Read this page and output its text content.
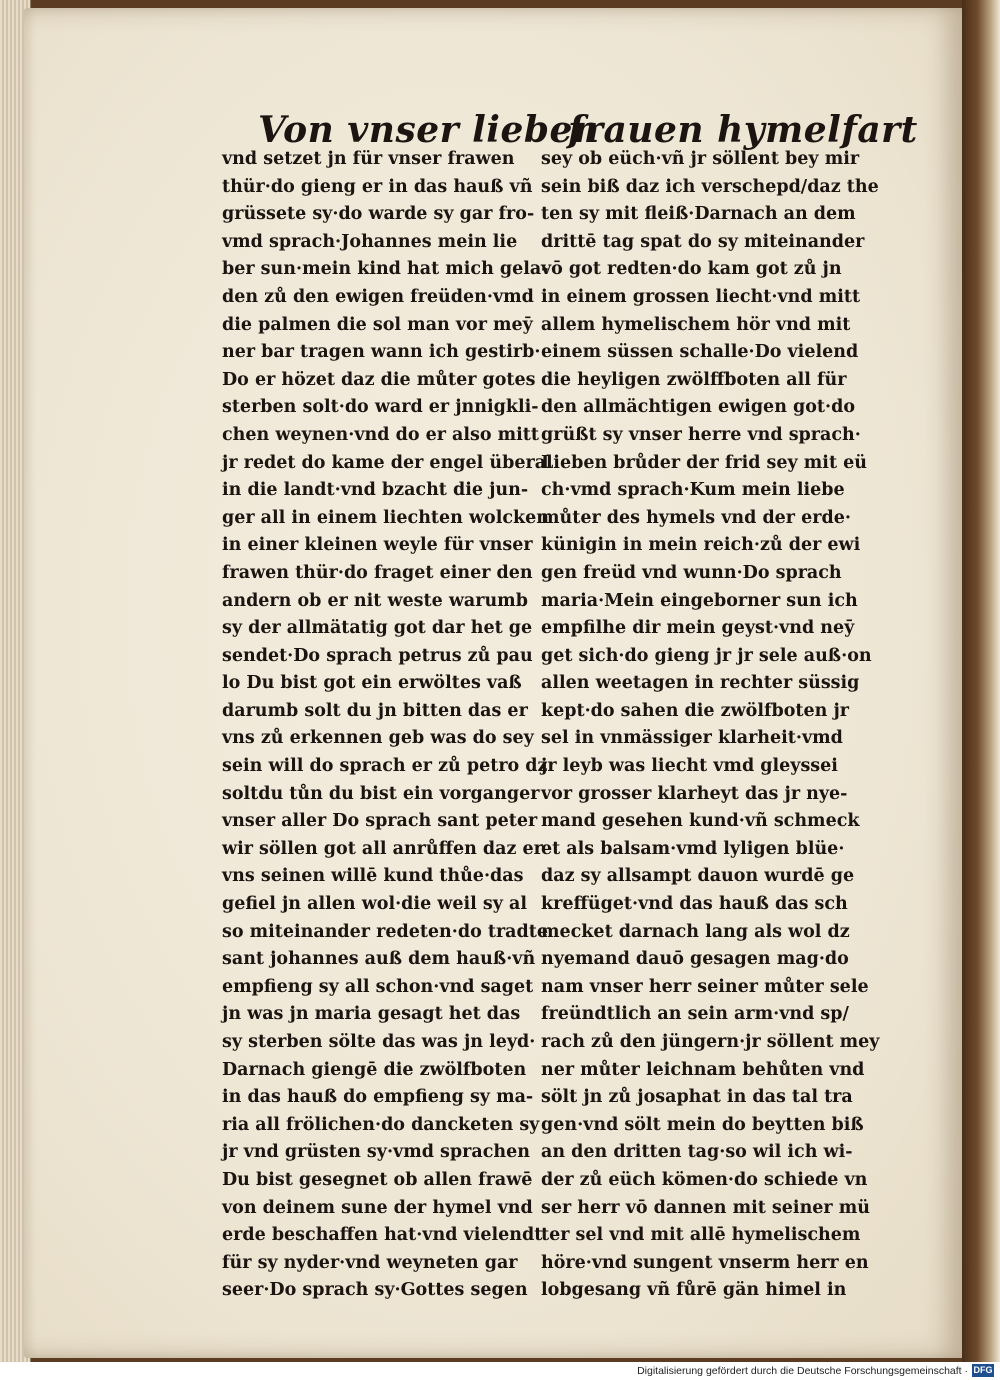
Von vnser lieben
frauen hymelfart
vnd setzet jn für vnser frawen
thür·do gieng er in das hauß vñ
grüssete sy·do warde sy gar fro-
vmd sprach·Johannes mein lie
ber sun·mein kind hat mich gela-
den zů den ewigen freüden·vmd
die palmen die sol man vor meȳ
ner bar tragen wann ich gestirb·
Do er hözet daz die můter gotes
sterben solt·do ward er jnnigkli-
chen weynen·vnd do er also mitt
jr redet do kame der engel überal
in die landt·vnd bzacht die jun-
ger all in einem liechten wolcken
in einer kleinen weyle für vnser
frawen thür·do fraget einer den
andern ob er nit weste warumb
sy der allmätatig got dar het ge
sendet·Do sprach petrus zů pau
lo Du bist got ein erwöltes vaß
darumb solt du jn bitten das er
vns zů erkennen geb was do sey
sein will do sprach er zů petro dz
soltdu tůn du bist ein vorganger
vnser aller Do sprach sant peter
wir söllen got all anrůffen daz er
vns seinen willē kund thůe·das
gefiel jn allen wol·die weil sy al
so miteinander redeten·do tradte
sant johannes auß dem hauß·vñ
empfieng sy all schon·vnd saget
jn was jn maria gesagt het das
sy sterben sölte das was jn leyd·
Darnach giengē die zwölfboten
in das hauß do empfieng sy ma-
ria all frölichen·do dancketen sy
jr vnd grüsten sy·vmd sprachen
Du bist gesegnet ob allen frawē
von deinem sune der hymel vnd
erde beschaffen hat·vnd vielendt
für sy nyder·vnd weyneten gar
seer·Do sprach sy·Gottes segen
sey ob eüch·vñ jr söllent bey mir
sein biß daz ich verschepd/daz the
ten sy mit fleiß·Darnach an dem
drittē tag spat do sy miteinander
vō got redten·do kam got zů jn
in einem grossen liecht·vnd mitt
allem hymelischem hör vnd mit
einem süssen schalle·Do vielend
die heyligen zwölffboten all für
den allmächtigen ewigen got·do
grüßt sy vnser herre vnd sprach·
Lieben brůder der frid sey mit eü
ch·vmd sprach·Kum mein liebe
můter des hymels vnd der erde·
künigin in mein reich·zů der ewi
gen freüd vnd wunn·Do sprach
maria·Mein eingeborner sun ich
empfilhe dir mein geyst·vnd neȳ
get sich·do gieng jr jr sele auß·on
allen weetagen in rechter süssig
kept·do sahen die zwölfboten jr
sel in vnmässiger klarheit·vmd
jr leyb was liecht vmd gleyssei
vor grosser klarheyt das jr nye-
mand gesehen kund·vñ schmeck
et als balsam·vmd lyligen blüe·
daz sy allsampt dauon wurdē ge
kreffüget·vnd das hauß das sch
mecket darnach lang als wol dz
nyemand dauō gesagen mag·do
nam vnser herr seiner můter sele
freündtlich an sein arm·vnd sp/
rach zů den jüngern·jr söllent mey
ner můter leichnam behůten vnd
sölt jn zů josaphat in das tal tra
gen·vnd sölt mein do beytten biß
an den dritten tag·so wil ich wi-
der zů eüch kömen·do schiede vn
ser herr vō dannen mit seiner mü
ter sel vnd mit allē hymelischem
höre·vnd sungent vnserm herr en
lobgesang vñ fůrē gän himel in
Digitalisierung gefördert durch die Deutsche Forschungsgemeinschaft · DFG
